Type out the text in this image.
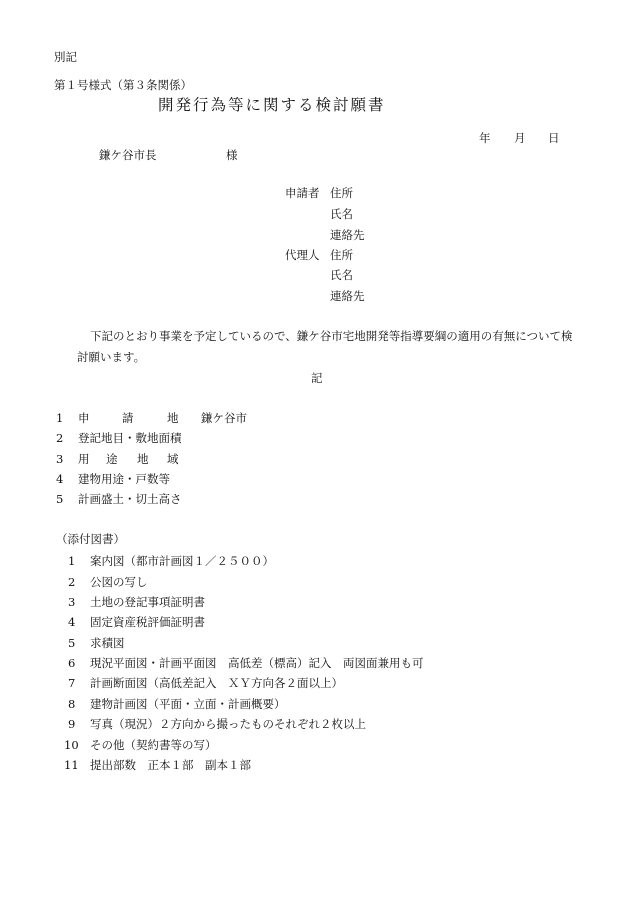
別記
第１号様式（第３条関係）
開発行為等に関する検討願書
年 月 日
鎌ケ谷市長	様
申請者 住所
氏名
連絡先
代理人 住所
氏名
連絡先
下記のとおり事業を予定しているので、鎌ケ谷市宅地開発等指導要綱の適用の有無について検
討願います。
記
1 申	請	地 鎌ケ谷市
2 登記地目・敷地面積
3 用 途 地 域
4 建物用途・戸数等
5 計画盛土・切土高さ
（添付図書）
1 案内図（都市計画図１／２５００）
2 公図の写し
3 土地の登記事項証明書
4 固定資産税評価証明書
5 求積図
6 現況平面図・計画平面図　高低差（標高）記入　両図面兼用も可
7 計画断面図（高低差記入　ＸＹ方向各２面以上）
8 建物計画図（平面・立面・計画概要）
9 写真（現況）２方向から撮ったものそれぞれ２枚以上
10 その他（契約書等の写）
11 提出部数　正本１部　副本１部
